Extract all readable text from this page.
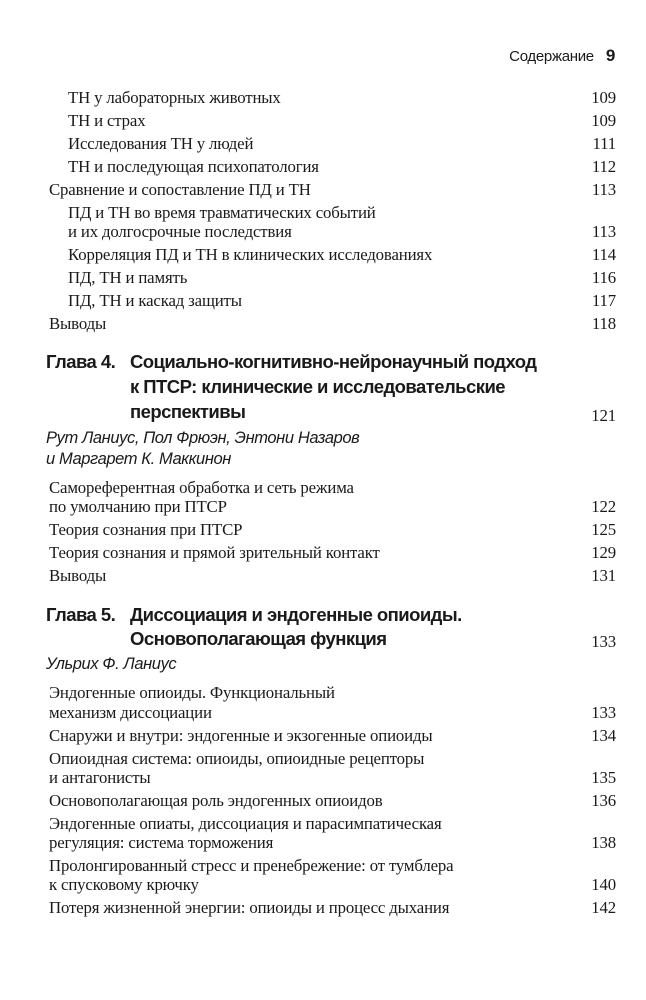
Содержание 9
ТН у лабораторных животных	109
ТН и страх	109
Исследования ТН у людей	111
ТН и последующая психопатология	112
Сравнение и сопоставление ПД и ТН	113
ПД и ТН во время травматических событий
и их долгосрочные последствия	113
Корреляция ПД и ТН в клинических исследованиях	114
ПД, ТН и память	116
ПД, ТН и каскад защиты	117
Выводы	118
Глава 4. Социально-когнитивно-нейронаучный подход
к ПТСР: клинические и исследовательские
перспективы	121
Рут Ланиус, Пол Фрюэн, Энтони Назаров
и Маргарет К. Маккинон
Самореферентная обработка и сеть режима
по умолчанию при ПТСР	122
Теория сознания при ПТСР	125
Теория сознания и прямой зрительный контакт	129
Выводы	131
Глава 5. Диссоциация и эндогенные опиоиды.
Основополагающая функция	133
Ульрих Ф. Ланиус
Эндогенные опиоиды. Функциональный
механизм диссоциации	133
Снаружи и внутри: эндогенные и экзогенные опиоиды	134
Опиоидная система: опиоиды, опиоидные рецепторы
и антагонисты	135
Основополагающая роль эндогенных опиоидов	136
Эндогенные опиаты, диссоциация и парасимпатическая
регуляция: система торможения	138
Пролонгированный стресс и пренебрежение: от тумблера
к спусковому крючку	140
Потеря жизненной энергии: опиоиды и процесс дыхания	142
